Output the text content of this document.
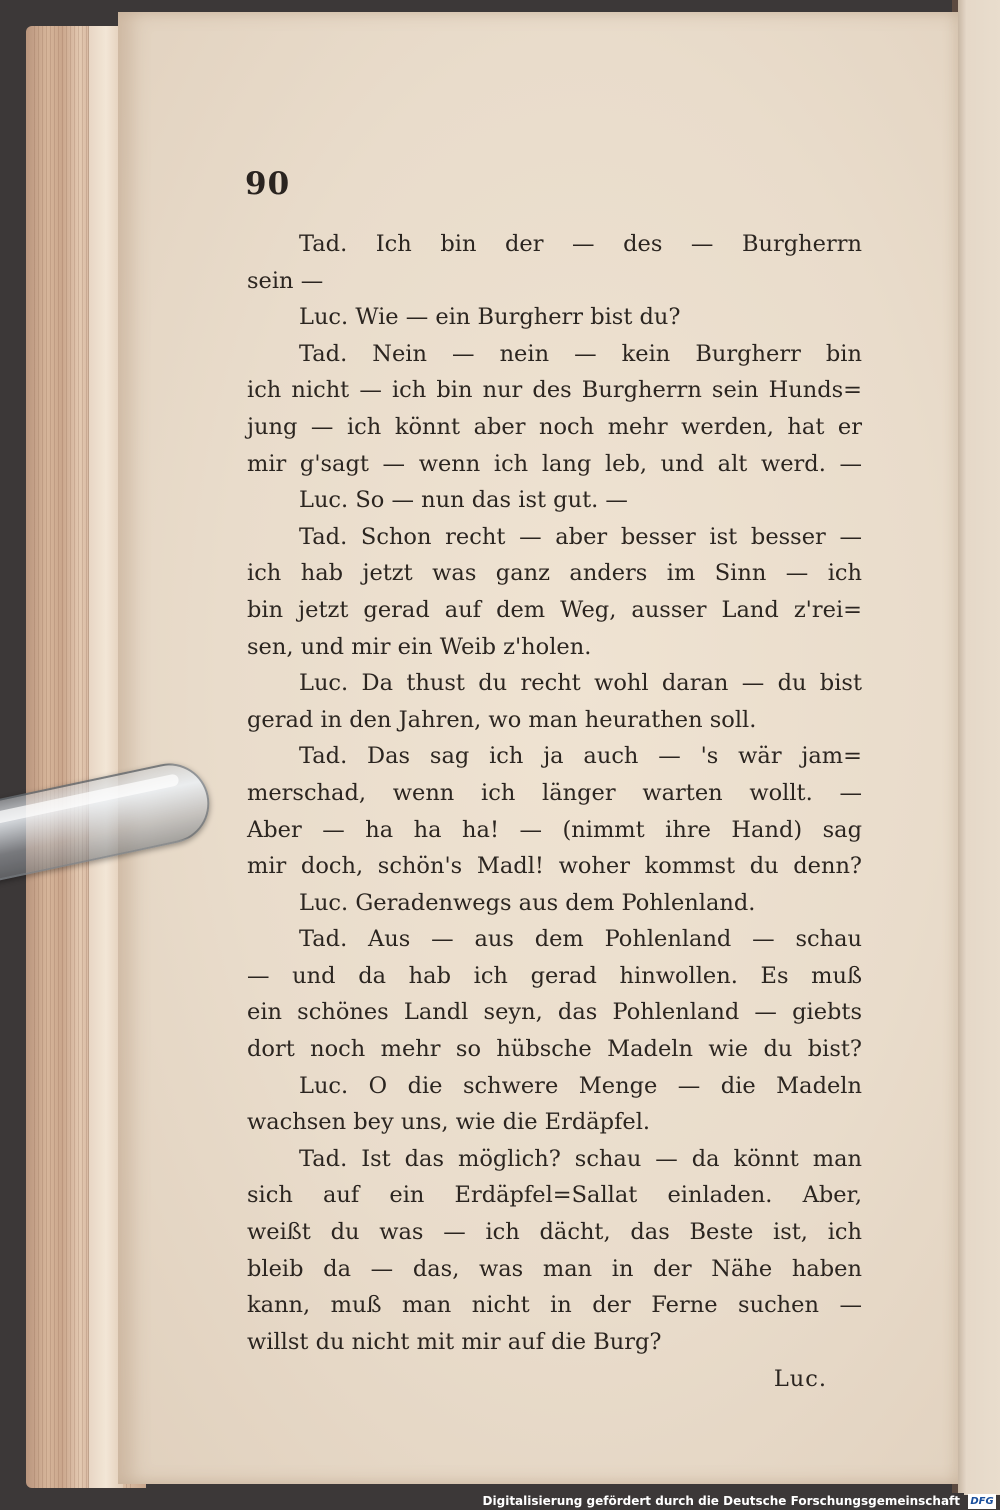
90
Tad. Ich bin der — des — Burgherrn
sein —
Luc. Wie — ein Burgherr bist du?
Tad. Nein — nein — kein Burgherr bin
ich nicht — ich bin nur des Burgherrn sein Hunds=
jung — ich könnt aber noch mehr werden, hat er
mir g'sagt — wenn ich lang leb, und alt werd. —
Luc. So — nun das ist gut. —
Tad. Schon recht — aber besser ist besser —
ich hab jetzt was ganz anders im Sinn — ich
bin jetzt gerad auf dem Weg, ausser Land z'rei=
sen, und mir ein Weib z'holen.
Luc. Da thust du recht wohl daran — du bist
gerad in den Jahren, wo man heurathen soll.
Tad. Das sag ich ja auch — 's wär jam=
merschad, wenn ich länger warten wollt. —
Aber — ha ha ha! — (nimmt ihre Hand) sag
mir doch, schön's Madl! woher kommst du denn?
Luc. Geradenwegs aus dem Pohlenland.
Tad. Aus — aus dem Pohlenland — schau
— und da hab ich gerad hinwollen. Es muß
ein schönes Landl seyn, das Pohlenland — giebts
dort noch mehr so hübsche Madeln wie du bist?
Luc. O die schwere Menge — die Madeln
wachsen bey uns, wie die Erdäpfel.
Tad. Ist das möglich? schau — da könnt man
sich auf ein Erdäpfel=Sallat einladen. Aber,
weißt du was — ich dächt, das Beste ist, ich
bleib da — das, was man in der Nähe haben
kann, muß man nicht in der Ferne suchen —
willst du nicht mit mir auf die Burg?
Luc.
Digitalisierung gefördert durch die Deutsche Forschungsgemeinschaft	DFG
